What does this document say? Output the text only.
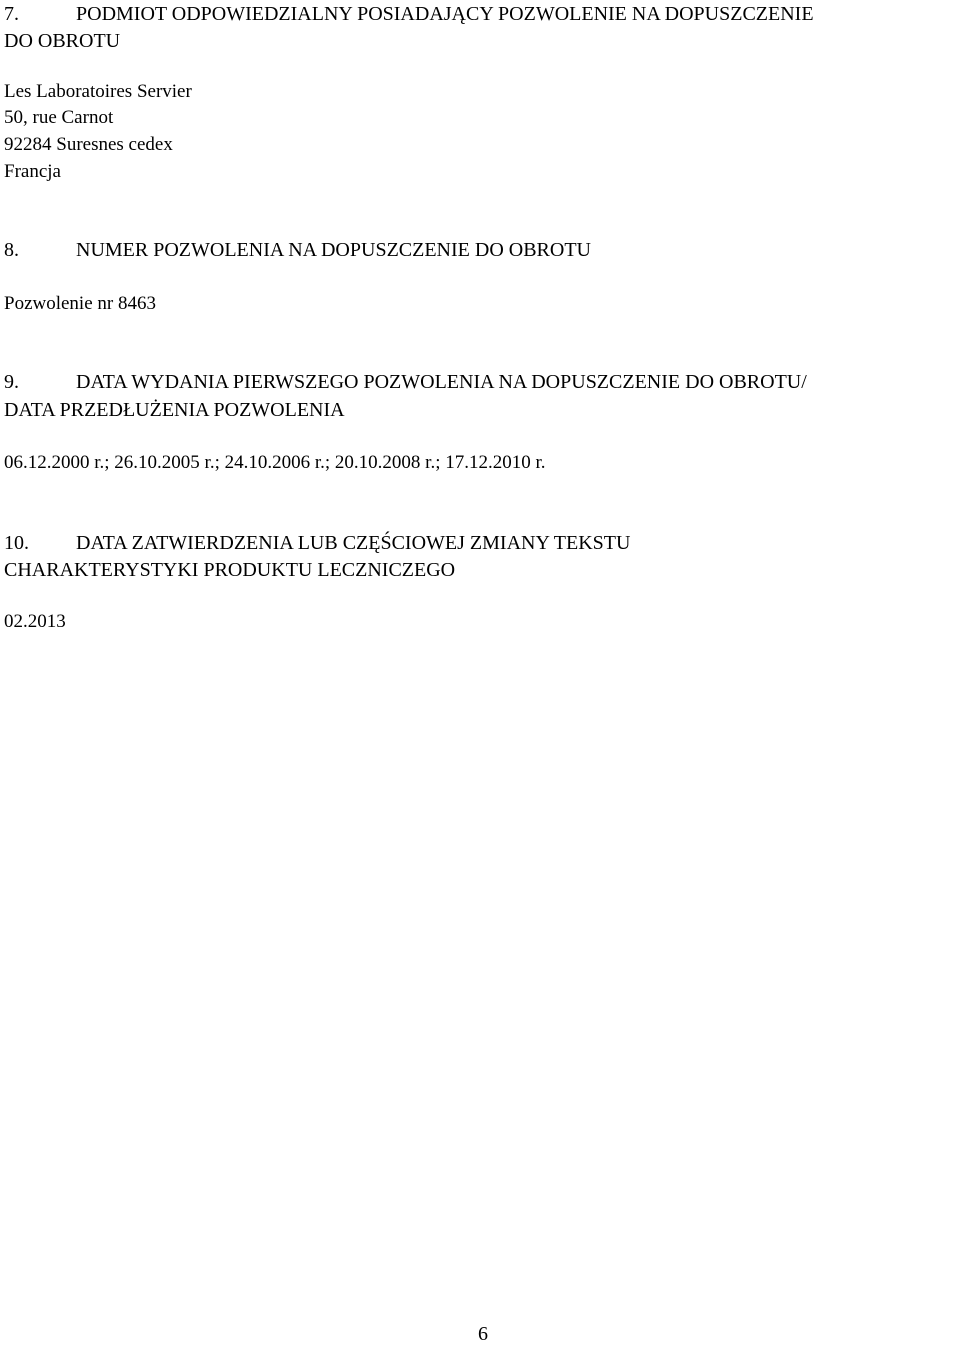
7.	PODMIOT ODPOWIEDZIALNY POSIADAJĄCY POZWOLENIE NA DOPUSZCZENIE
DO OBROTU
Les Laboratoires Servier
50, rue Carnot
92284 Suresnes cedex
Francja
8.	NUMER POZWOLENIA NA DOPUSZCZENIE DO OBROTU
Pozwolenie nr 8463
9.	DATA WYDANIA PIERWSZEGO POZWOLENIA NA DOPUSZCZENIE DO OBROTU/
DATA PRZEDŁUŻENIA POZWOLENIA
06.12.2000 r.; 26.10.2005 r.; 24.10.2006 r.; 20.10.2008 r.; 17.12.2010 r.
10. DATA ZATWIERDZENIA LUB CZĘŚCIOWEJ ZMIANY TEKSTU
CHARAKTERYSTYKI PRODUKTU LECZNICZEGO
02.2013
6
